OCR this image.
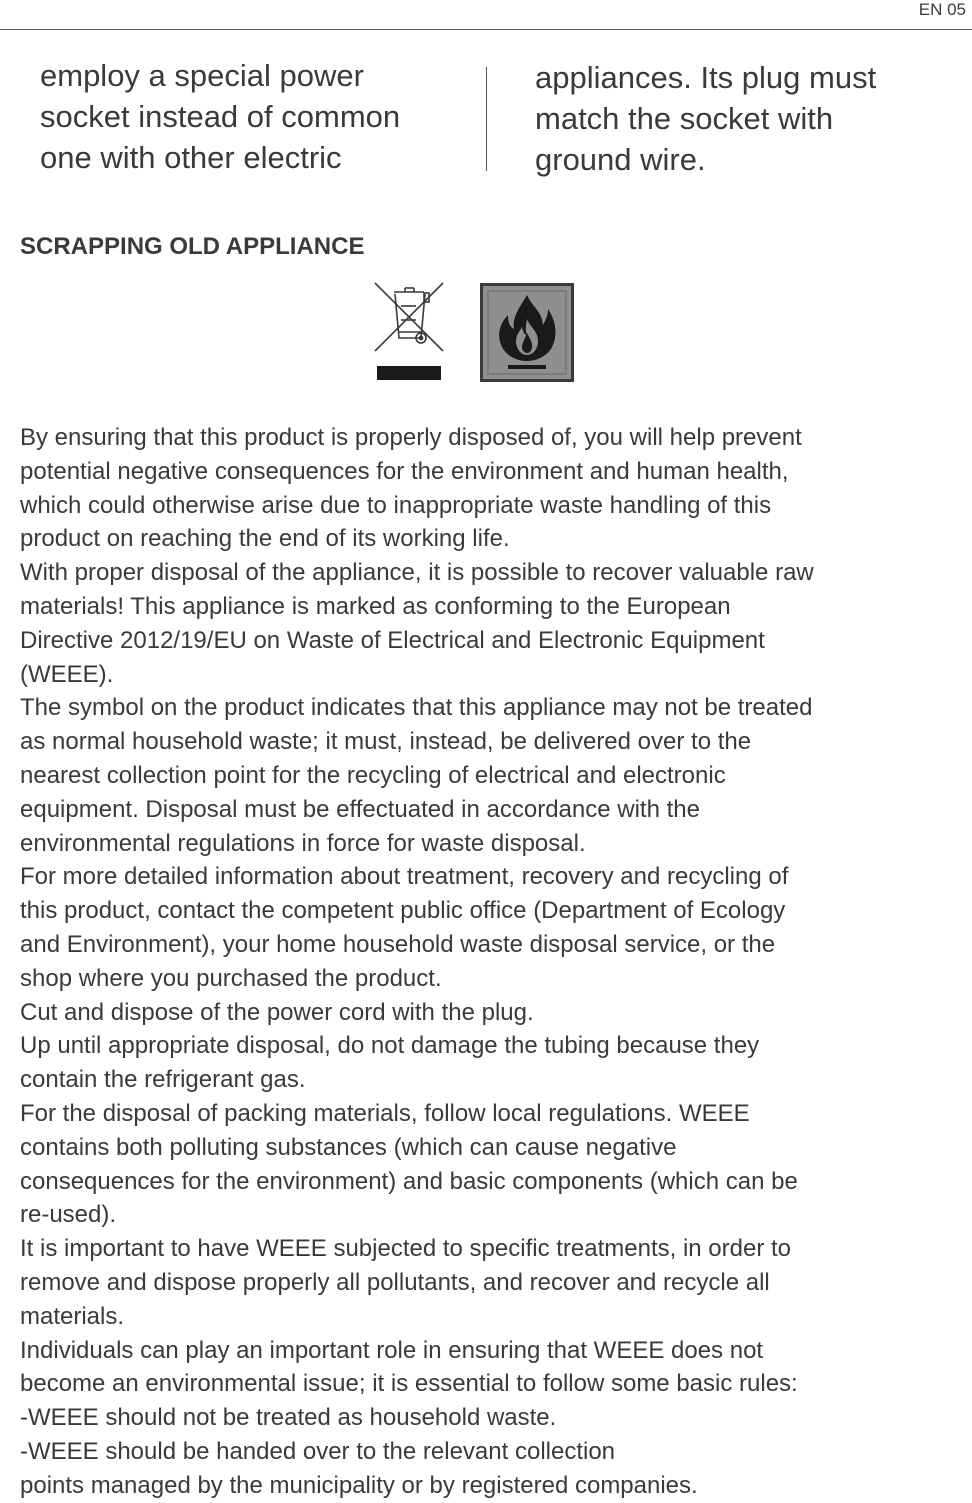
EN 05
employ a special power
socket instead of common
one with other electric
appliances. Its plug must
match the socket with
ground wire.
SCRAPPING OLD APPLIANCE
By ensuring that this product is properly disposed of, you will help prevent
potential negative consequences for the environment and human health,
which could otherwise arise due to inappropriate waste handling of this
product on reaching the end of its working life.
With proper disposal of the appliance, it is possible to recover valuable raw
materials! This appliance is marked as conforming to the European
Directive 2012/19/EU on Waste of Electrical and Electronic Equipment
(WEEE).
The symbol on the product indicates that this appliance may not be treated
as normal household waste; it must, instead, be delivered over to the
nearest collection point for the recycling of electrical and electronic
equipment. Disposal must be effectuated in accordance with the
environmental regulations in force for waste disposal.
For more detailed information about treatment, recovery and recycling of
this product, contact the competent public office (Department of Ecology
and Environment), your home household waste disposal service, or the
shop where you purchased the product.
Cut and dispose of the power cord with the plug.
Up until appropriate disposal, do not damage the tubing because they
contain the refrigerant gas.
For the disposal of packing materials, follow local regulations. WEEE
contains both polluting substances (which can cause negative
consequences for the environment) and basic components (which can be
re-used).
It is important to have WEEE subjected to specific treatments, in order to
remove and dispose properly all pollutants, and recover and recycle all
materials.
Individuals can play an important role in ensuring that WEEE does not
become an environmental issue; it is essential to follow some basic rules:
-WEEE should not be treated as household waste.
-WEEE should be handed over to the relevant collection
points managed by the municipality or by registered companies.
